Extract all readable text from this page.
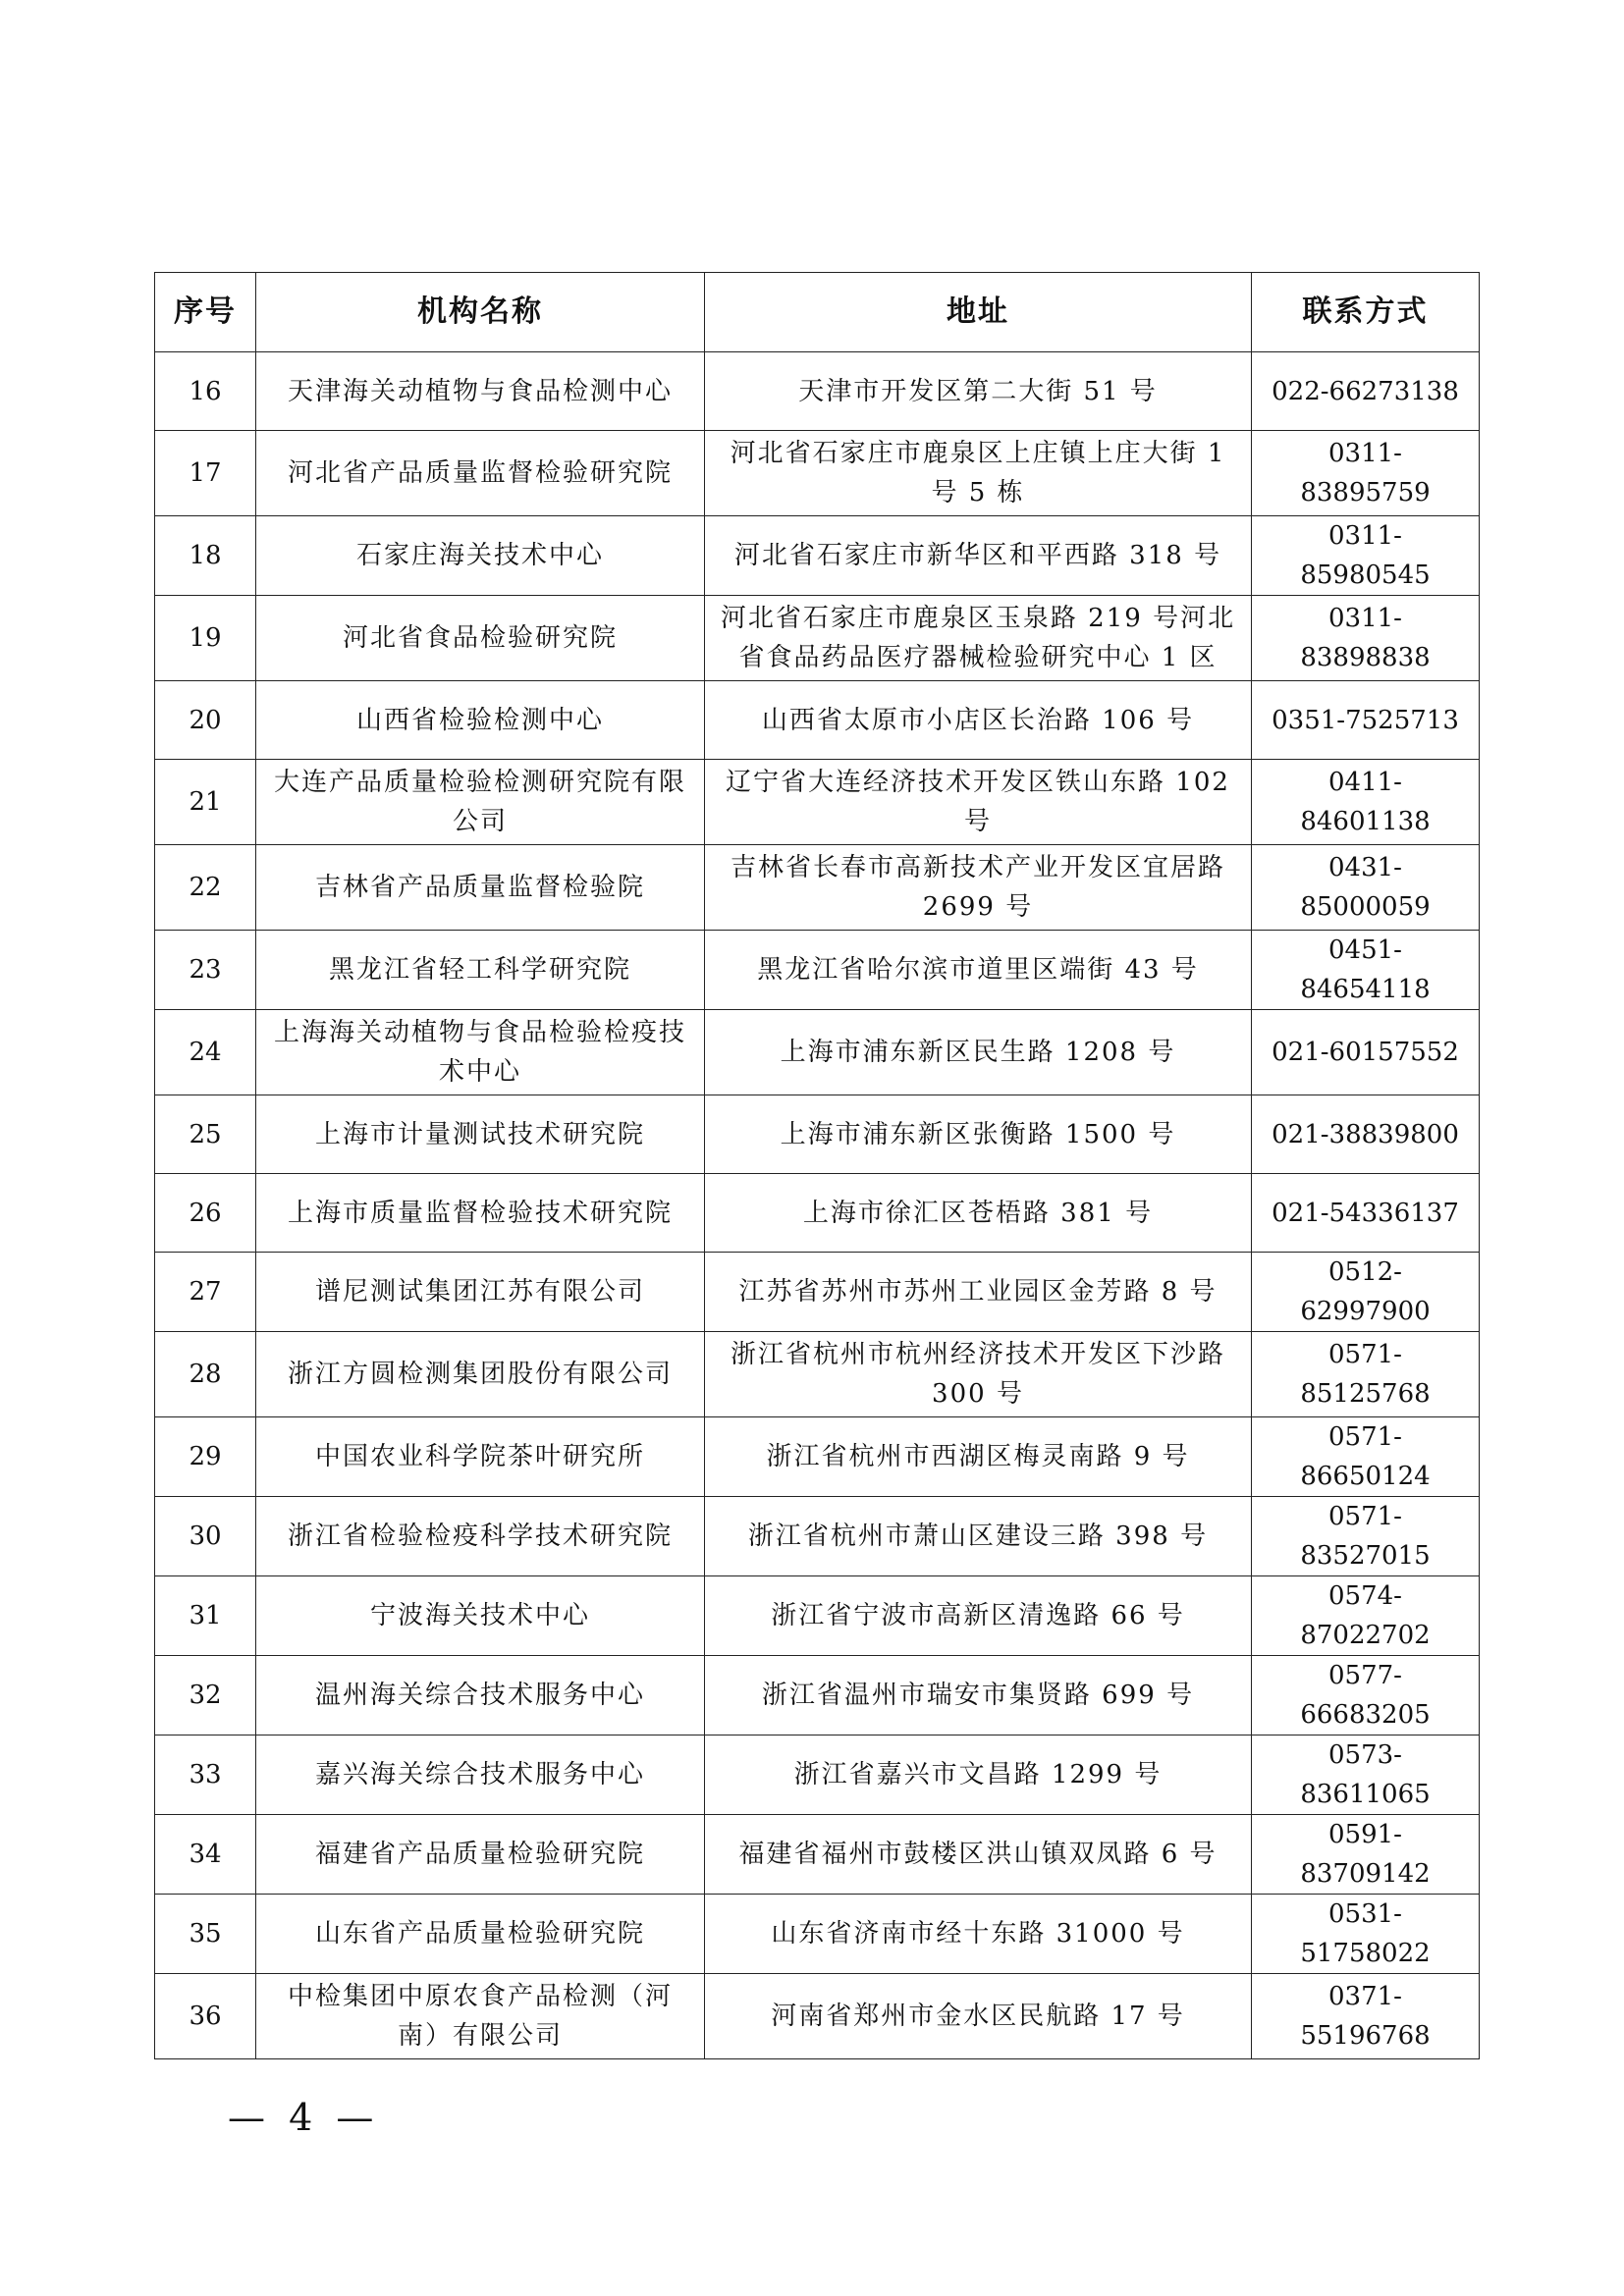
序号	机构名称	地址	联系方式
16	天津海关动植物与食品检测中心	天津市开发区第二大街 51 号	022-66273138
17	河北省产品质量监督检验研究院	河北省石家庄市鹿泉区上庄镇上庄大街 1 号 5 栋	0311-83895759
18	石家庄海关技术中心	河北省石家庄市新华区和平西路 318 号	0311-85980545
19	河北省食品检验研究院	河北省石家庄市鹿泉区玉泉路 219 号河北省食品药品医疗器械检验研究中心 1 区	0311-83898838
20	山西省检验检测中心	山西省太原市小店区长治路 106 号	0351-7525713
21	大连产品质量检验检测研究院有限公司	辽宁省大连经济技术开发区铁山东路 102 号	0411-84601138
22	吉林省产品质量监督检验院	吉林省长春市高新技术产业开发区宜居路 2699 号	0431-85000059
23	黑龙江省轻工科学研究院	黑龙江省哈尔滨市道里区端街 43 号	0451-84654118
24	上海海关动植物与食品检验检疫技术中心	上海市浦东新区民生路 1208 号	021-60157552
25	上海市计量测试技术研究院	上海市浦东新区张衡路 1500 号	021-38839800
26	上海市质量监督检验技术研究院	上海市徐汇区苍梧路 381 号	021-54336137
27	谱尼测试集团江苏有限公司	江苏省苏州市苏州工业园区金芳路 8 号	0512-62997900
28	浙江方圆检测集团股份有限公司	浙江省杭州市杭州经济技术开发区下沙路 300 号	0571-85125768
29	中国农业科学院茶叶研究所	浙江省杭州市西湖区梅灵南路 9 号	0571-86650124
30	浙江省检验检疫科学技术研究院	浙江省杭州市萧山区建设三路 398 号	0571-83527015
31	宁波海关技术中心	浙江省宁波市高新区清逸路 66 号	0574-87022702
32	温州海关综合技术服务中心	浙江省温州市瑞安市集贤路 699 号	0577-66683205
33	嘉兴海关综合技术服务中心	浙江省嘉兴市文昌路 1299 号	0573-83611065
34	福建省产品质量检验研究院	福建省福州市鼓楼区洪山镇双凤路 6 号	0591-83709142
35	山东省产品质量检验研究院	山东省济南市经十东路 31000 号	0531-51758022
36	中检集团中原农食产品检测（河南）有限公司	河南省郑州市金水区民航路 17 号	0371-55196768
— 4 —
